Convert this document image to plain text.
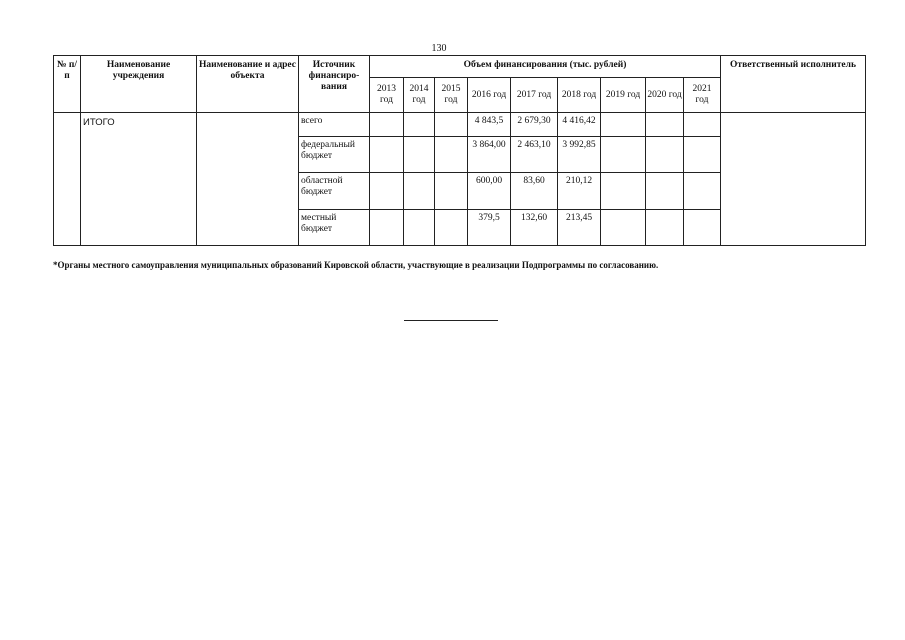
130
№ п/п	Наименование учреждения	Наименование и адрес объекта	Источник финансиро-вания	Объем финансирования (тыс. рублей)									Ответственный исполнитель
				2013 год	2014 год	2015 год	2016 год	2017 год	2018 год	2019 год	2020 год	2021 год	
	ИТОГО		всего				4 843,5	2 679,30	4 416,42				
			федеральный бюджет				3 864,00	2 463,10	3 992,85				
			областной бюджет				600,00	83,60	210,12				
			местный бюджет				379,5	132,60	213,45				
*Органы местного самоуправления муниципальных образований Кировской области, участвующие в реализации Подпрограммы по согласованию.
